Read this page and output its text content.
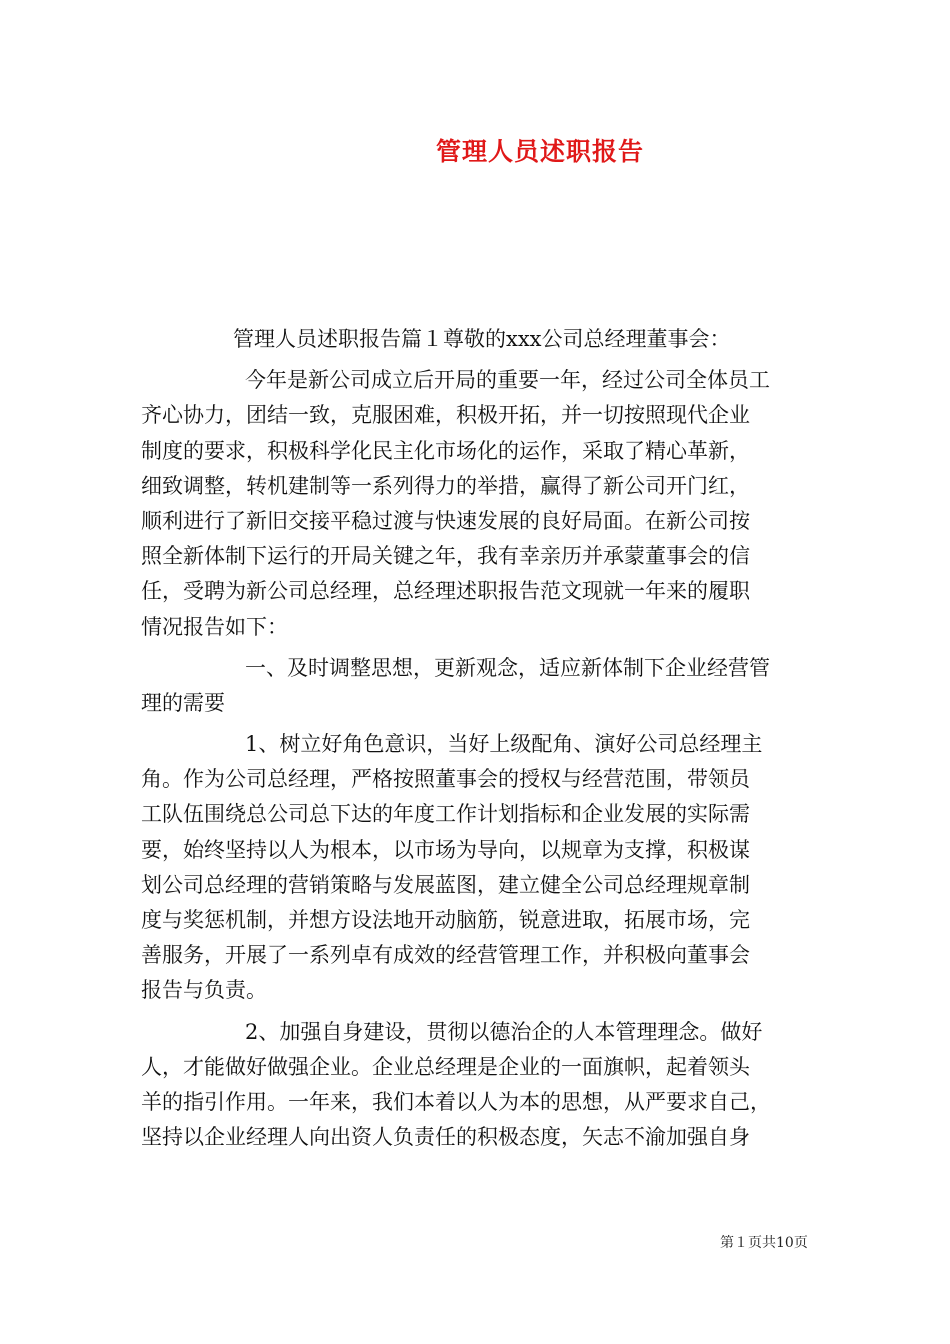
管理人员述职报告
管理人员述职报告篇１尊敬的xxx公司总经理董事会：
今年是新公司成立后开局的重要一年，经过公司全体员工
齐心协力，团结一致，克服困难，积极开拓，并一切按照现代企业
制度的要求，积极科学化民主化市场化的运作，采取了精心革新，
细致调整，转机建制等一系列得力的举措，赢得了新公司开门红，
顺利进行了新旧交接平稳过渡与快速发展的良好局面。在新公司按
照全新体制下运行的开局关键之年，我有幸亲历并承蒙董事会的信
任，受聘为新公司总经理，总经理述职报告范文现就一年来的履职
情况报告如下：
一、及时调整思想，更新观念，适应新体制下企业经营管
理的需要
1、树立好角色意识，当好上级配角、演好公司总经理主
角。作为公司总经理，严格按照董事会的授权与经营范围，带领员
工队伍围绕总公司总下达的年度工作计划指标和企业发展的实际需
要，始终坚持以人为根本，以市场为导向，以规章为支撑，积极谋
划公司总经理的营销策略与发展蓝图，建立健全公司总经理规章制
度与奖惩机制，并想方设法地开动脑筋，锐意进取，拓展市场，完
善服务，开展了一系列卓有成效的经营管理工作，并积极向董事会
报告与负责。
2、加强自身建设，贯彻以德治企的人本管理理念。做好
人，才能做好做强企业。企业总经理是企业的一面旗帜，起着领头
羊的指引作用。一年来，我们本着以人为本的思想，从严要求自己，
坚持以企业经理人向出资人负责任的积极态度，矢志不渝加强自身
第１页共10页
